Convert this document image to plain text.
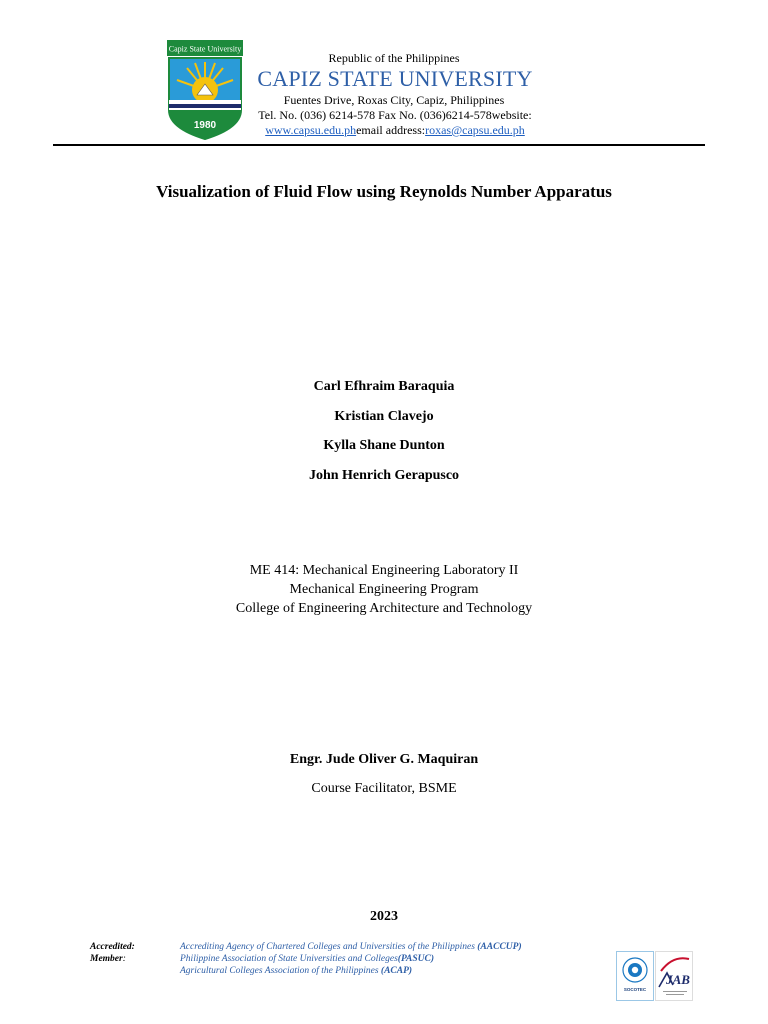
Capiz State University
1980
Republic of the Philippines
CAPIZ STATE UNIVERSITY
Fuentes Drive, Roxas City, Capiz, Philippines
Tel. No. (036) 6214-578 Fax No. (036)6214-578website:
www.capsu.edu.phemail address:roxas@capsu.edu.ph
Visualization of Fluid Flow using Reynolds Number Apparatus
Carl Efhraim Baraquia
Kristian Clavejo
Kylla Shane Dunton
John Henrich Gerapusco
ME 414: Mechanical Engineering Laboratory II
Mechanical Engineering Program
College of Engineering Architecture and Technology
Engr. Jude Oliver G. Maquiran
Course Facilitator, BSME
2023
Accredited:
Member:
Accrediting Agency of Chartered Colleges and Universities of the Philippines (AACCUP)
Philippine Association of State Universities and Colleges(PASUC)
Agricultural Colleges Association of the Philippines (ACAP)
SOCOTEC
JAB
